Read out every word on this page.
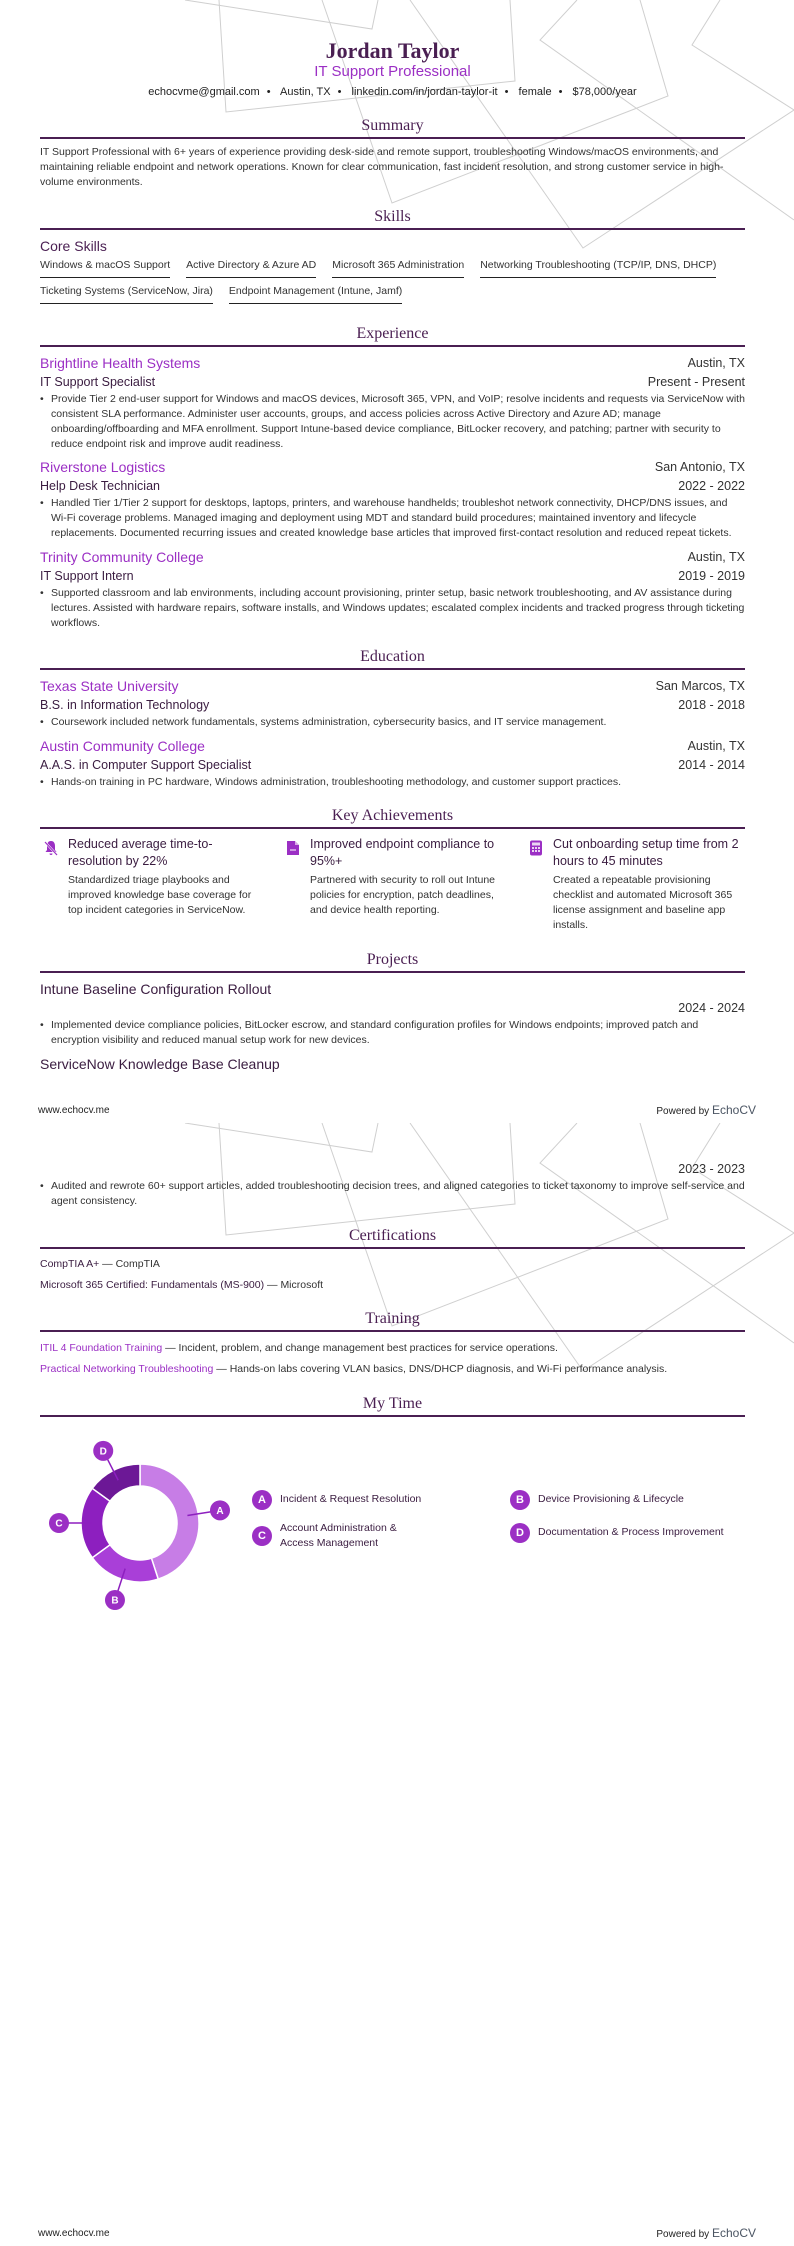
Jordan Taylor
IT Support Professional
echocvme@gmail.com • Austin, TX • linkedin.com/in/jordan-taylor-it • female • $78,000/year
Summary
IT Support Professional with 6+ years of experience providing desk-side and remote support, troubleshooting Windows/macOS environments, and maintaining reliable endpoint and network operations. Known for clear communication, fast incident resolution, and strong customer service in high-volume environments.
Skills
Core Skills
Windows & macOS Support Active Directory & Azure AD Microsoft 365 Administration Networking Troubleshooting (TCP/IP, DNS, DHCP)
Ticketing Systems (ServiceNow, Jira) Endpoint Management (Intune, Jamf)
Experience
Brightline Health Systems	Austin, TX
IT Support Specialist	Present - Present
• Provide Tier 2 end-user support for Windows and macOS devices, Microsoft 365, VPN, and VoIP; resolve incidents and requests via ServiceNow with consistent SLA performance. Administer user accounts, groups, and access policies across Active Directory and Azure AD; manage onboarding/offboarding and MFA enrollment. Support Intune-based device compliance, BitLocker recovery, and patching; partner with security to reduce endpoint risk and improve audit readiness.
Riverstone Logistics	San Antonio, TX
Help Desk Technician	2022 - 2022
• Handled Tier 1/Tier 2 support for desktops, laptops, printers, and warehouse handhelds; troubleshot network connectivity, DHCP/DNS issues, and Wi-Fi coverage problems. Managed imaging and deployment using MDT and standard build procedures; maintained inventory and lifecycle replacements. Documented recurring issues and created knowledge base articles that improved first-contact resolution and reduced repeat tickets.
Trinity Community College	Austin, TX
IT Support Intern	2019 - 2019
• Supported classroom and lab environments, including account provisioning, printer setup, basic network troubleshooting, and AV assistance during lectures. Assisted with hardware repairs, software installs, and Windows updates; escalated complex incidents and tracked progress through ticketing workflows.
Education
Texas State University	San Marcos, TX
B.S. in Information Technology	2018 - 2018
• Coursework included network fundamentals, systems administration, cybersecurity basics, and IT service management.
Austin Community College	Austin, TX
A.A.S. in Computer Support Specialist	2014 - 2014
• Hands-on training in PC hardware, Windows administration, troubleshooting methodology, and customer support practices.
Key Achievements
Reduced average time-to-resolution by 22%
Standardized triage playbooks and improved knowledge base coverage for top incident categories in ServiceNow.
Improved endpoint compliance to 95%+
Partnered with security to roll out Intune policies for encryption, patch deadlines, and device health reporting.
Cut onboarding setup time from 2 hours to 45 minutes
Created a repeatable provisioning checklist and automated Microsoft 365 license assignment and baseline app installs.
Projects
Intune Baseline Configuration Rollout
2024 - 2024
• Implemented device compliance policies, BitLocker escrow, and standard configuration profiles for Windows endpoints; improved patch and encryption visibility and reduced manual setup work for new devices.
ServiceNow Knowledge Base Cleanup
www.echocv.me	Powered by EchoCV
2023 - 2023
• Audited and rewrote 60+ support articles, added troubleshooting decision trees, and aligned categories to ticket taxonomy to improve self-service and agent consistency.
Certifications
CompTIA A+ — CompTIA
Microsoft 365 Certified: Fundamentals (MS-900) — Microsoft
Training
ITIL 4 Foundation Training — Incident, problem, and change management best practices for service operations.
Practical Networking Troubleshooting — Hands-on labs covering VLAN basics, DNS/DHCP diagnosis, and Wi-Fi performance analysis.
My Time
A
B
C
D
A	Incident & Request Resolution	B	Device Provisioning & Lifecycle
C
Account Administration & Access Management
D	Documentation & Process Improvement
www.echocv.me	Powered by EchoCV
